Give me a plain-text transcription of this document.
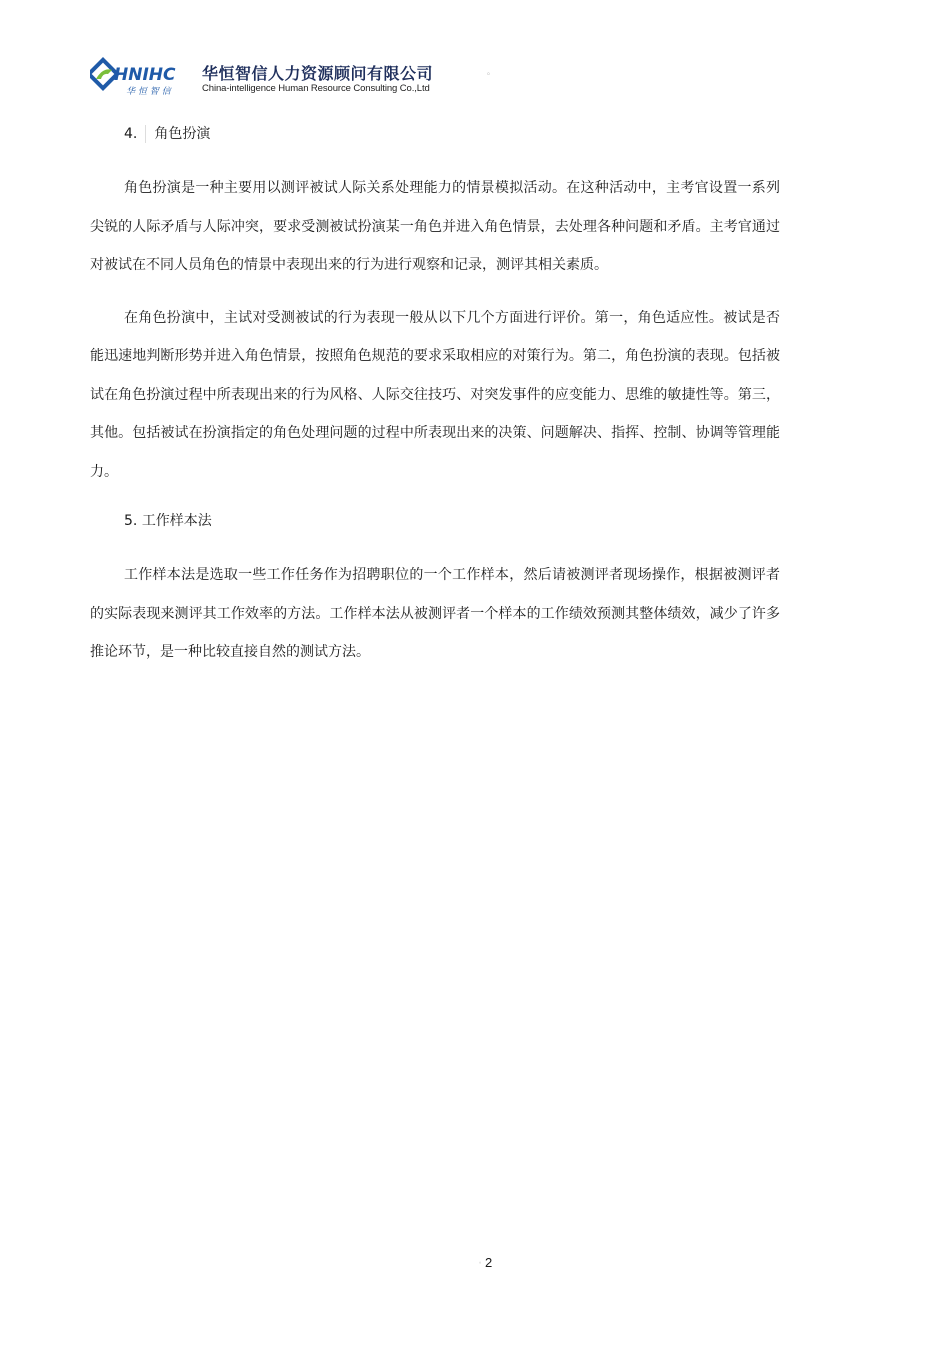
HNIHC
华 恒 智 信
华恒智信人力资源顾问有限公司
China-intelligence Human Resource Consulting Co.,Ltd
。
4. 角色扮演

角色扮演是一种主要用以测评被试人际关系处理能力的情景模拟活动。在这种活动中，主考官设置一系列尖锐的人际矛盾与人际冲突，要求受测被试扮演某一角色并进入角色情景，去处理各种问题和矛盾。主考官通过对被试在不同人员角色的情景中表现出来的行为进行观察和记录，测评其相关素质。

在角色扮演中，主试对受测被试的行为表现一般从以下几个方面进行评价。第一，角色适应性。被试是否能迅速地判断形势并进入角色情景，按照角色规范的要求采取相应的对策行为。第二，角色扮演的表现。包括被试在角色扮演过程中所表现出来的行为风格、人际交往技巧、对突发事件的应变能力、思维的敏捷性等。第三，其他。包括被试在扮演指定的角色处理问题的过程中所表现出来的决策、问题解决、指挥、控制、协调等管理能力。

5. 工作样本法

工作样本法是选取一些工作任务作为招聘职位的一个工作样本，然后请被测评者现场操作，根据被测评者的实际表现来测评其工作效率的方法。工作样本法从被测评者一个样本的工作绩效预测其整体绩效，减少了许多推论环节，是一种比较直接自然的测试方法。

。 2
